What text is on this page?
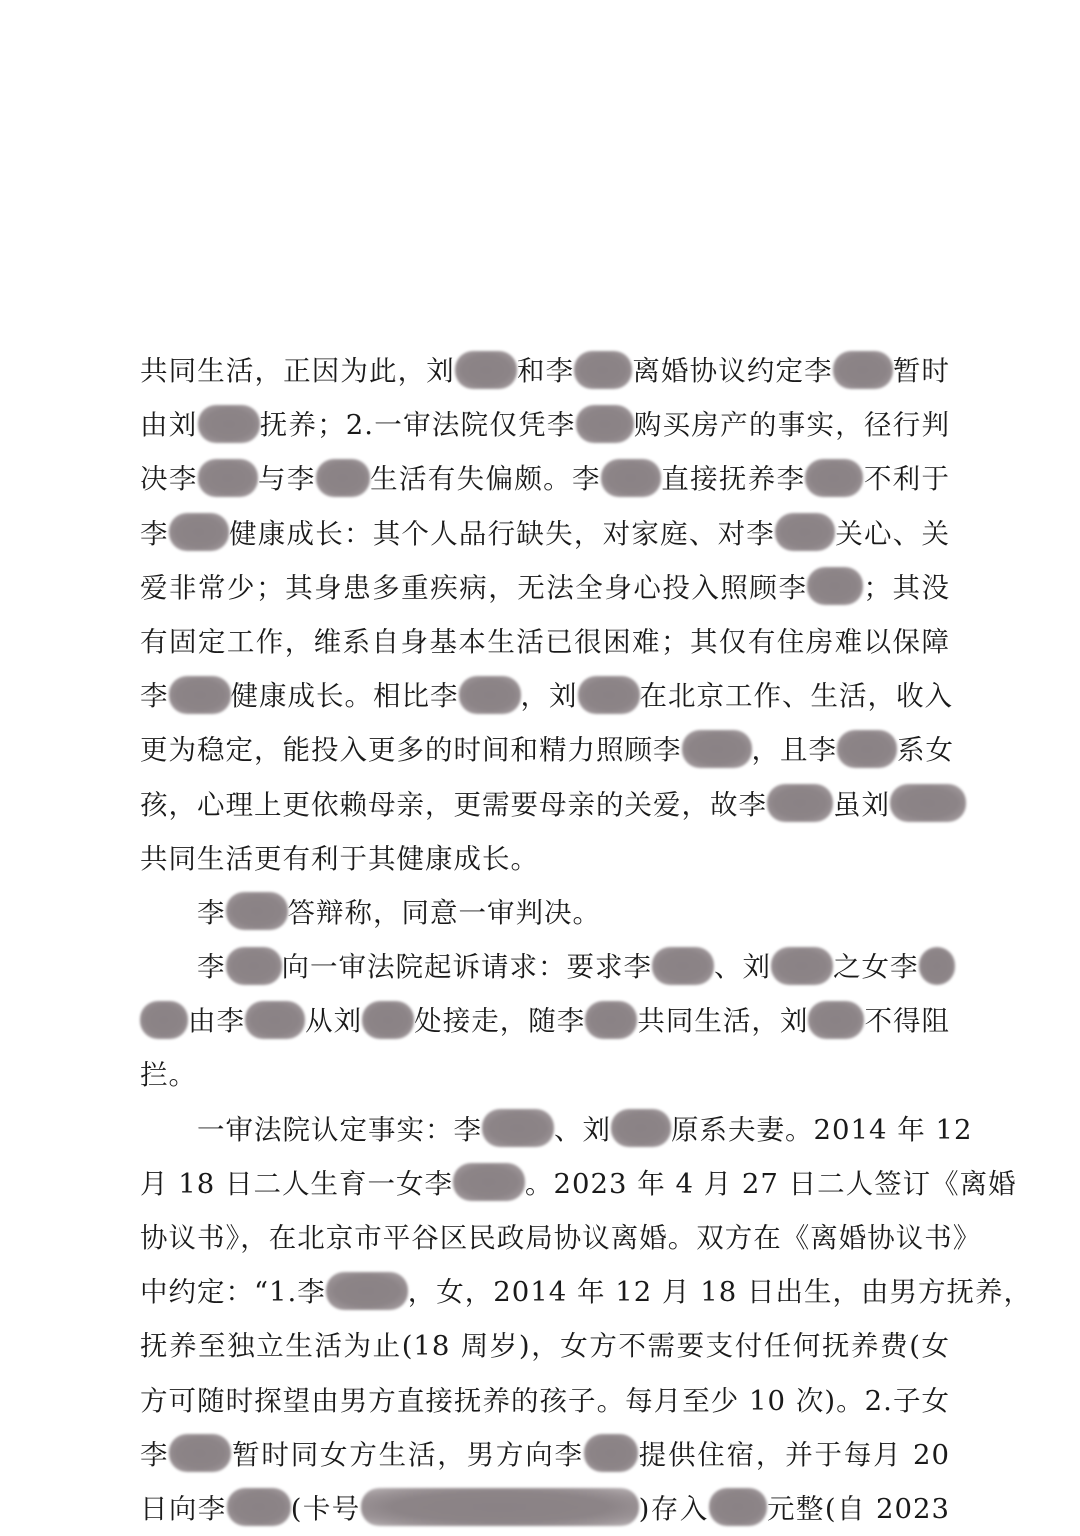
共同生活，正因为此，刘 和李 离婚协议约定李 暂时
由刘 抚养；2.一审法院仅凭李 购买房产的事实，径行判
决李 与李 生活有失偏颇。李 直接抚养李 不利于
李 健康成长：其个人品行缺失，对家庭、对李 关心、关
爱非常少；其身患多重疾病，无法全身心投入照顾李 ；其没
有固定工作，维系自身基本生活已很困难；其仅有住房难以保障
李 健康成长。相比李 ，刘 在北京工作、生活，收入
更为稳定，能投入更多的时间和精力照顾李	，且李 系女
孩，心理上更依赖母亲，更需要母亲的关爱，故李 虽刘
共同生活更有利于其健康成长。
　　李 答辩称，同意一审判决。
　　李 向一审法院起诉请求：要求李 、刘 之女李
由李 从刘 处接走，随李 共同生活，刘 不得阻
拦。
　　一审法院认定事实：李	、刘 原系夫妻。2014 年 12
月 18 日二人生育一女李	。2023 年 4 月 27 日二人签订《离婚
协议书》，在北京市平谷区民政局协议离婚。双方在《离婚协议书》
中约定：“1.李	，女，2014 年 12 月 18 日出生，由男方抚养，
抚养至独立生活为止(18 周岁)，女方不需要支付任何抚养费(女
方可随时探望由男方直接抚养的孩子。每月至少 10 次)。2.子女
李 暂时同女方生活，男方向李 提供住宿，并于每月 20
日向李 (卡号	)存入 元整(自 2023
